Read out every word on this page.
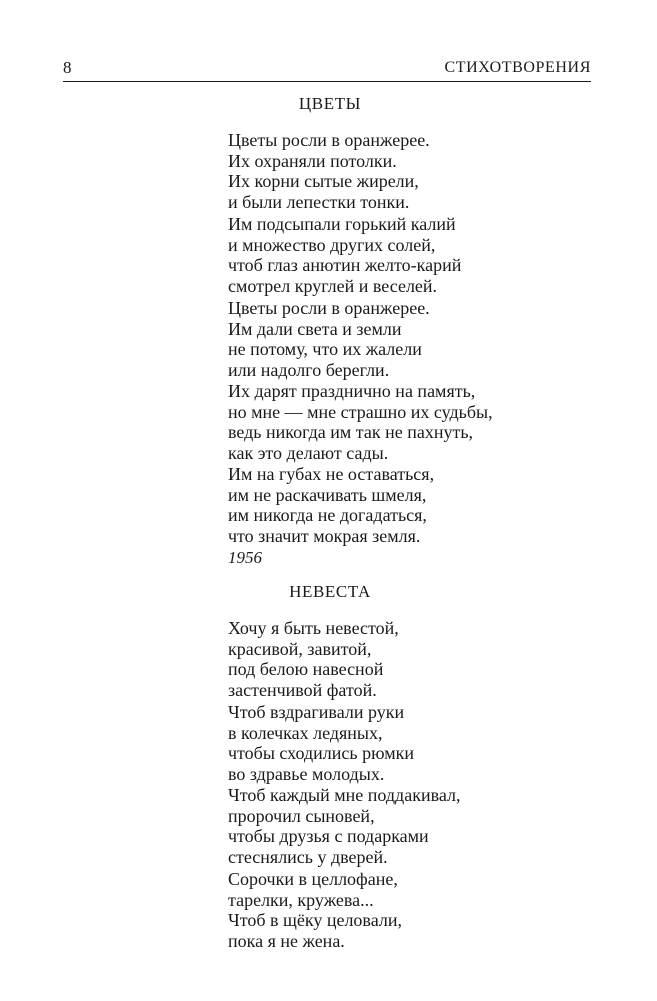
8	СТИХОТВОРЕНИЯ
ЦВЕТЫ
Цветы росли в оранжерее.
Их охраняли потолки.
Их корни сытые жирели,
и были лепестки тонки.
Им подсыпали горький калий
и множество других солей,
чтоб глаз анютин желто-карий
смотрел круглей и веселей.
Цветы росли в оранжерее.
Им дали света и земли
не потому, что их жалели
или надолго берегли.
Их дарят празднично на память,
но мне — мне страшно их судьбы,
ведь никогда им так не пахнуть,
как это делают сады.
Им на губах не оставаться,
им не раскачивать шмеля,
им никогда не догадаться,
что значит мокрая земля.
1956
НЕВЕСТА
Хочу я быть невестой,
красивой, завитой,
под белою навесной
застенчивой фатой.
Чтоб вздрагивали руки
в колечках ледяных,
чтобы сходились рюмки
во здравье молодых.
Чтоб каждый мне поддакивал,
пророчил сыновей,
чтобы друзья с подарками
стеснялись у дверей.
Сорочки в целлофане,
тарелки, кружева...
Чтоб в щёку целовали,
пока я не жена.
